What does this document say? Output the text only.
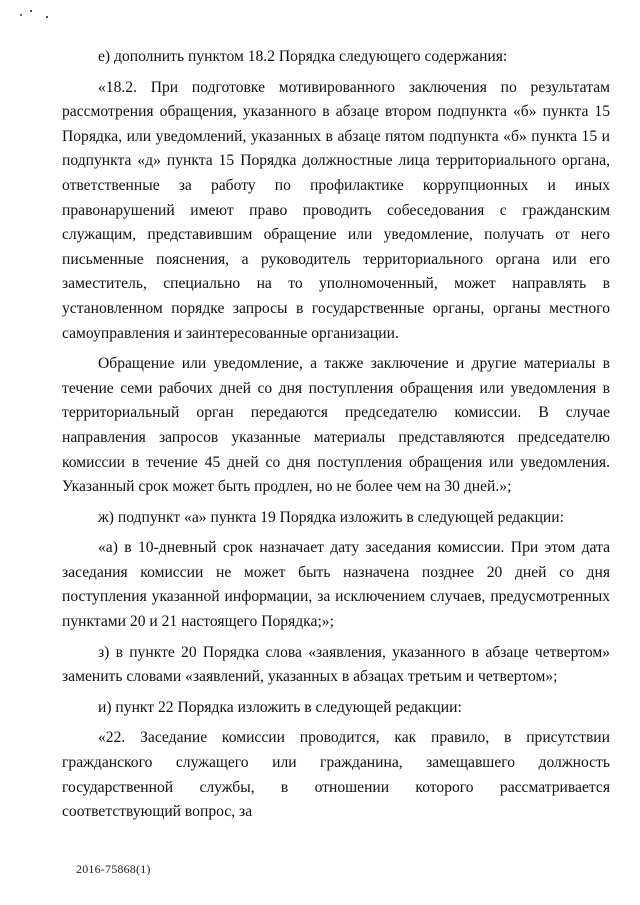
е) дополнить пунктом 18.2 Порядка следующего содержания:

«18.2. При подготовке мотивированного заключения по результатам рассмотрения обращения, указанного в абзаце втором подпункта «б» пункта 15 Порядка, или уведомлений, указанных в абзаце пятом подпункта «б» пункта 15 и подпункта «д» пункта 15 Порядка должностные лица территориального органа, ответственные за работу по профилактике коррупционных и иных правонарушений имеют право проводить собеседования с гражданским служащим, представившим обращение или уведомление, получать от него письменные пояснения, а руководитель территориального органа или его заместитель, специально на то уполномоченный, может направлять в установленном порядке запросы в государственные органы, органы местного самоуправления и заинтересованные организации.

Обращение или уведомление, а также заключение и другие материалы в течение семи рабочих дней со дня поступления обращения или уведомления в территориальный орган передаются председателю комиссии. В случае направления запросов указанные материалы представляются председателю комиссии в течение 45 дней со дня поступления обращения или уведомления. Указанный срок может быть продлен, но не более чем на 30 дней.»;

ж) подпункт «а» пункта 19 Порядка изложить в следующей редакции:

«а) в 10-дневный срок назначает дату заседания комиссии. При этом дата заседания комиссии не может быть назначена позднее 20 дней со дня поступления указанной информации, за исключением случаев, предусмотренных пунктами 20 и 21 настоящего Порядка;»;

з) в пункте 20 Порядка слова «заявления, указанного в абзаце четвертом» заменить словами «заявлений, указанных в абзацах третьим и четвертом»;

и) пункт 22 Порядка изложить в следующей редакции:

«22. Заседание комиссии проводится, как правило, в присутствии гражданского служащего или гражданина, замещавшего должность государственной службы, в отношении которого рассматривается соответствующий вопрос, за

2016-75868(1)
